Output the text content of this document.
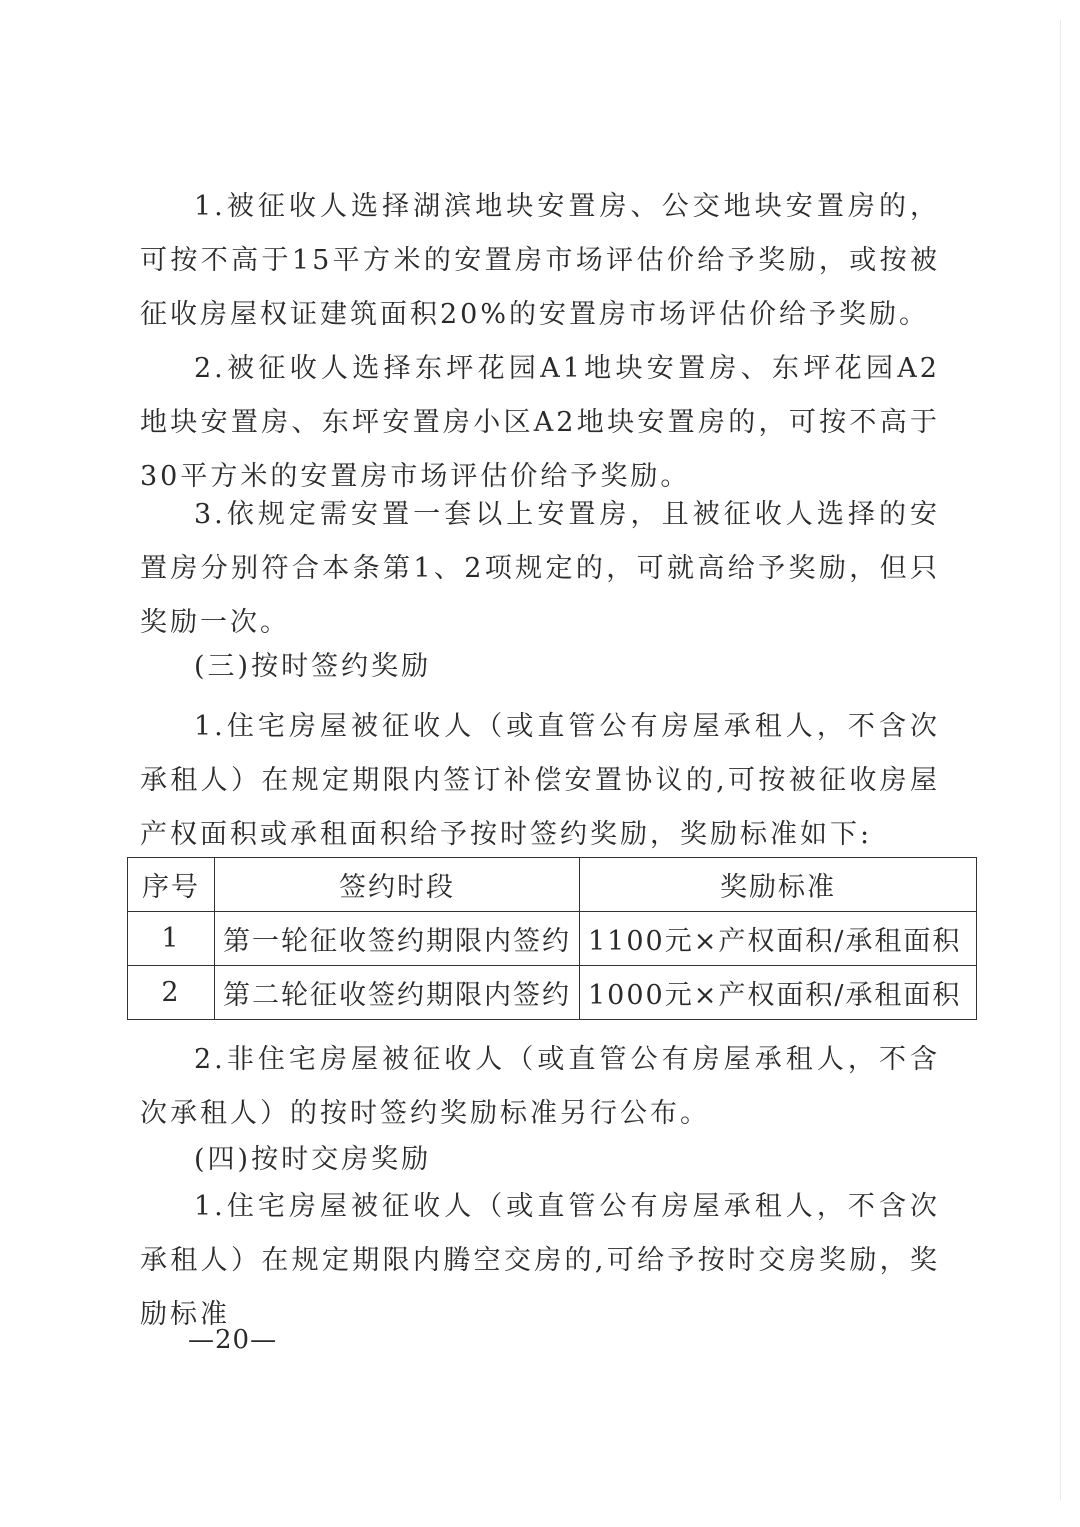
1.被征收人选择湖滨地块安置房、公交地块安置房的，可按不高于15平方米的安置房市场评估价给予奖励，或按被征收房屋权证建筑面积20%的安置房市场评估价给予奖励。

2.被征收人选择东坪花园A1地块安置房、东坪花园A2地块安置房、东坪安置房小区A2地块安置房的，可按不高于30平方米的安置房市场评估价给予奖励。

3.依规定需安置一套以上安置房，且被征收人选择的安置房分别符合本条第1、2项规定的，可就高给予奖励，但只奖励一次。

(三)按时签约奖励

1.住宅房屋被征收人（或直管公有房屋承租人，不含次承租人）在规定期限内签订补偿安置协议的,可按被征收房屋产权面积或承租面积给予按时签约奖励，奖励标准如下:

序号	签约时段	奖励标准
1	第一轮征收签约期限内签约	1100元×产权面积/承租面积
2	第二轮征收签约期限内签约	1000元×产权面积/承租面积

2.非住宅房屋被征收人（或直管公有房屋承租人，不含次承租人）的按时签约奖励标准另行公布。

(四)按时交房奖励

1.住宅房屋被征收人（或直管公有房屋承租人，不含次承租人）在规定期限内腾空交房的,可给予按时交房奖励，奖励标准

—20—
